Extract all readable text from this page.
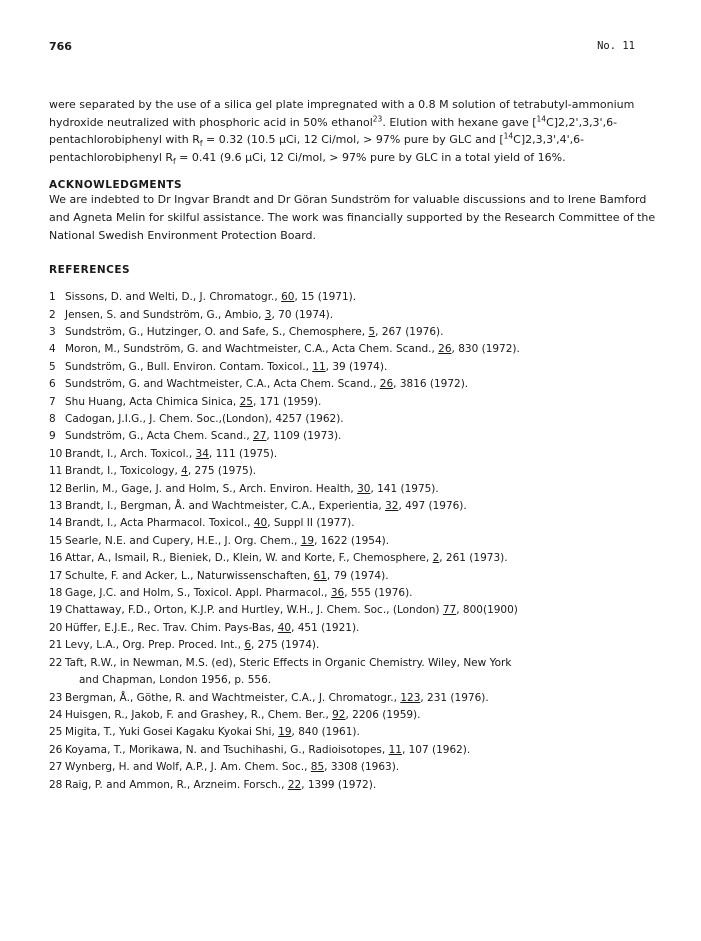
766	No. 11

were separated by the use of a silica gel plate impregnated with a 0.8 M solution of tetrabutyl-ammonium hydroxide neutralized with phosphoric acid in 50% ethanol$^{23}$. Elution with hexane gave [$^{14}$C]2,2',3,3',6-pentachlorobiphenyl with $R_f = 0.32$ (10.5 µCi, 12 Ci/mol, > 97% pure by GLC and [$^{14}$C]2,3,3',4',6-pentachlorobiphenyl $R_f = 0.41$ (9.6 µCi, 12 Ci/mol, > 97% pure by GLC in a total yield of 16%.

ACKNOWLEDGMENTS

We are indebted to Dr Ingvar Brandt and Dr Göran Sundström for valuable discussions and to Irene Bamford and Agneta Melin for skilful assistance. The work was financially supported by the Research Committee of the National Swedish Environment Protection Board.

REFERENCES
1 Sissons, D. and Welti, D., J. Chromatogr., 60, 15 (1971).
2 Jensen, S. and Sundström, G., Ambio, 3, 70 (1974).
3 Sundström, G., Hutzinger, O. and Safe, S., Chemosphere, 5, 267 (1976).
4 Moron, M., Sundström, G. and Wachtmeister, C.A., Acta Chem. Scand., 26, 830 (1972).
5 Sundström, G., Bull. Environ. Contam. Toxicol., 11, 39 (1974).
6 Sundström, G. and Wachtmeister, C.A., Acta Chem. Scand., 26, 3816 (1972).
7 Shu Huang, Acta Chimica Sinica, 25, 171 (1959).
8 Cadogan, J.I.G., J. Chem. Soc.,(London), 4257 (1962).
9 Sundström, G., Acta Chem. Scand., 27, 1109 (1973).
10 Brandt, I., Arch. Toxicol., 34, 111 (1975).
11 Brandt, I., Toxicology, 4, 275 (1975).
12 Berlin, M., Gage, J. and Holm, S., Arch. Environ. Health, 30, 141 (1975).
13 Brandt, I., Bergman, Å. and Wachtmeister, C.A., Experientia, 32, 497 (1976).
14 Brandt, I., Acta Pharmacol. Toxicol., 40, Suppl II (1977).
15 Searle, N.E. and Cupery, H.E., J. Org. Chem., 19, 1622 (1954).
16 Attar, A., Ismail, R., Bieniek, D., Klein, W. and Korte, F., Chemosphere, 2, 261 (1973).
17 Schulte, F. and Acker, L., Naturwissenschaften, 61, 79 (1974).
18 Gage, J.C. and Holm, S., Toxicol. Appl. Pharmacol., 36, 555 (1976).
19 Chattaway, F.D., Orton, K.J.P. and Hurtley, W.H., J. Chem. Soc., (London) 77, 800(1900)
20 Hüffer, E.J.E., Rec. Trav. Chim. Pays-Bas, 40, 451 (1921).
21 Levy, L.A., Org. Prep. Proced. Int., 6, 275 (1974).
22 Taft, R.W., in Newman, M.S. (ed), Steric Effects in Organic Chemistry. Wiley, New York
and Chapman, London 1956, p. 556.
23 Bergman, Å., Göthe, R. and Wachtmeister, C.A., J. Chromatogr., 123, 231 (1976).
24 Huisgen, R., Jakob, F. and Grashey, R., Chem. Ber., 92, 2206 (1959).
25 Migita, T., Yuki Gosei Kagaku Kyokai Shi, 19, 840 (1961).
26 Koyama, T., Morikawa, N. and Tsuchihashi, G., Radioisotopes, 11, 107 (1962).
27 Wynberg, H. and Wolf, A.P., J. Am. Chem. Soc., 85, 3308 (1963).
28 Raig, P. and Ammon, R., Arzneim. Forsch., 22, 1399 (1972).
